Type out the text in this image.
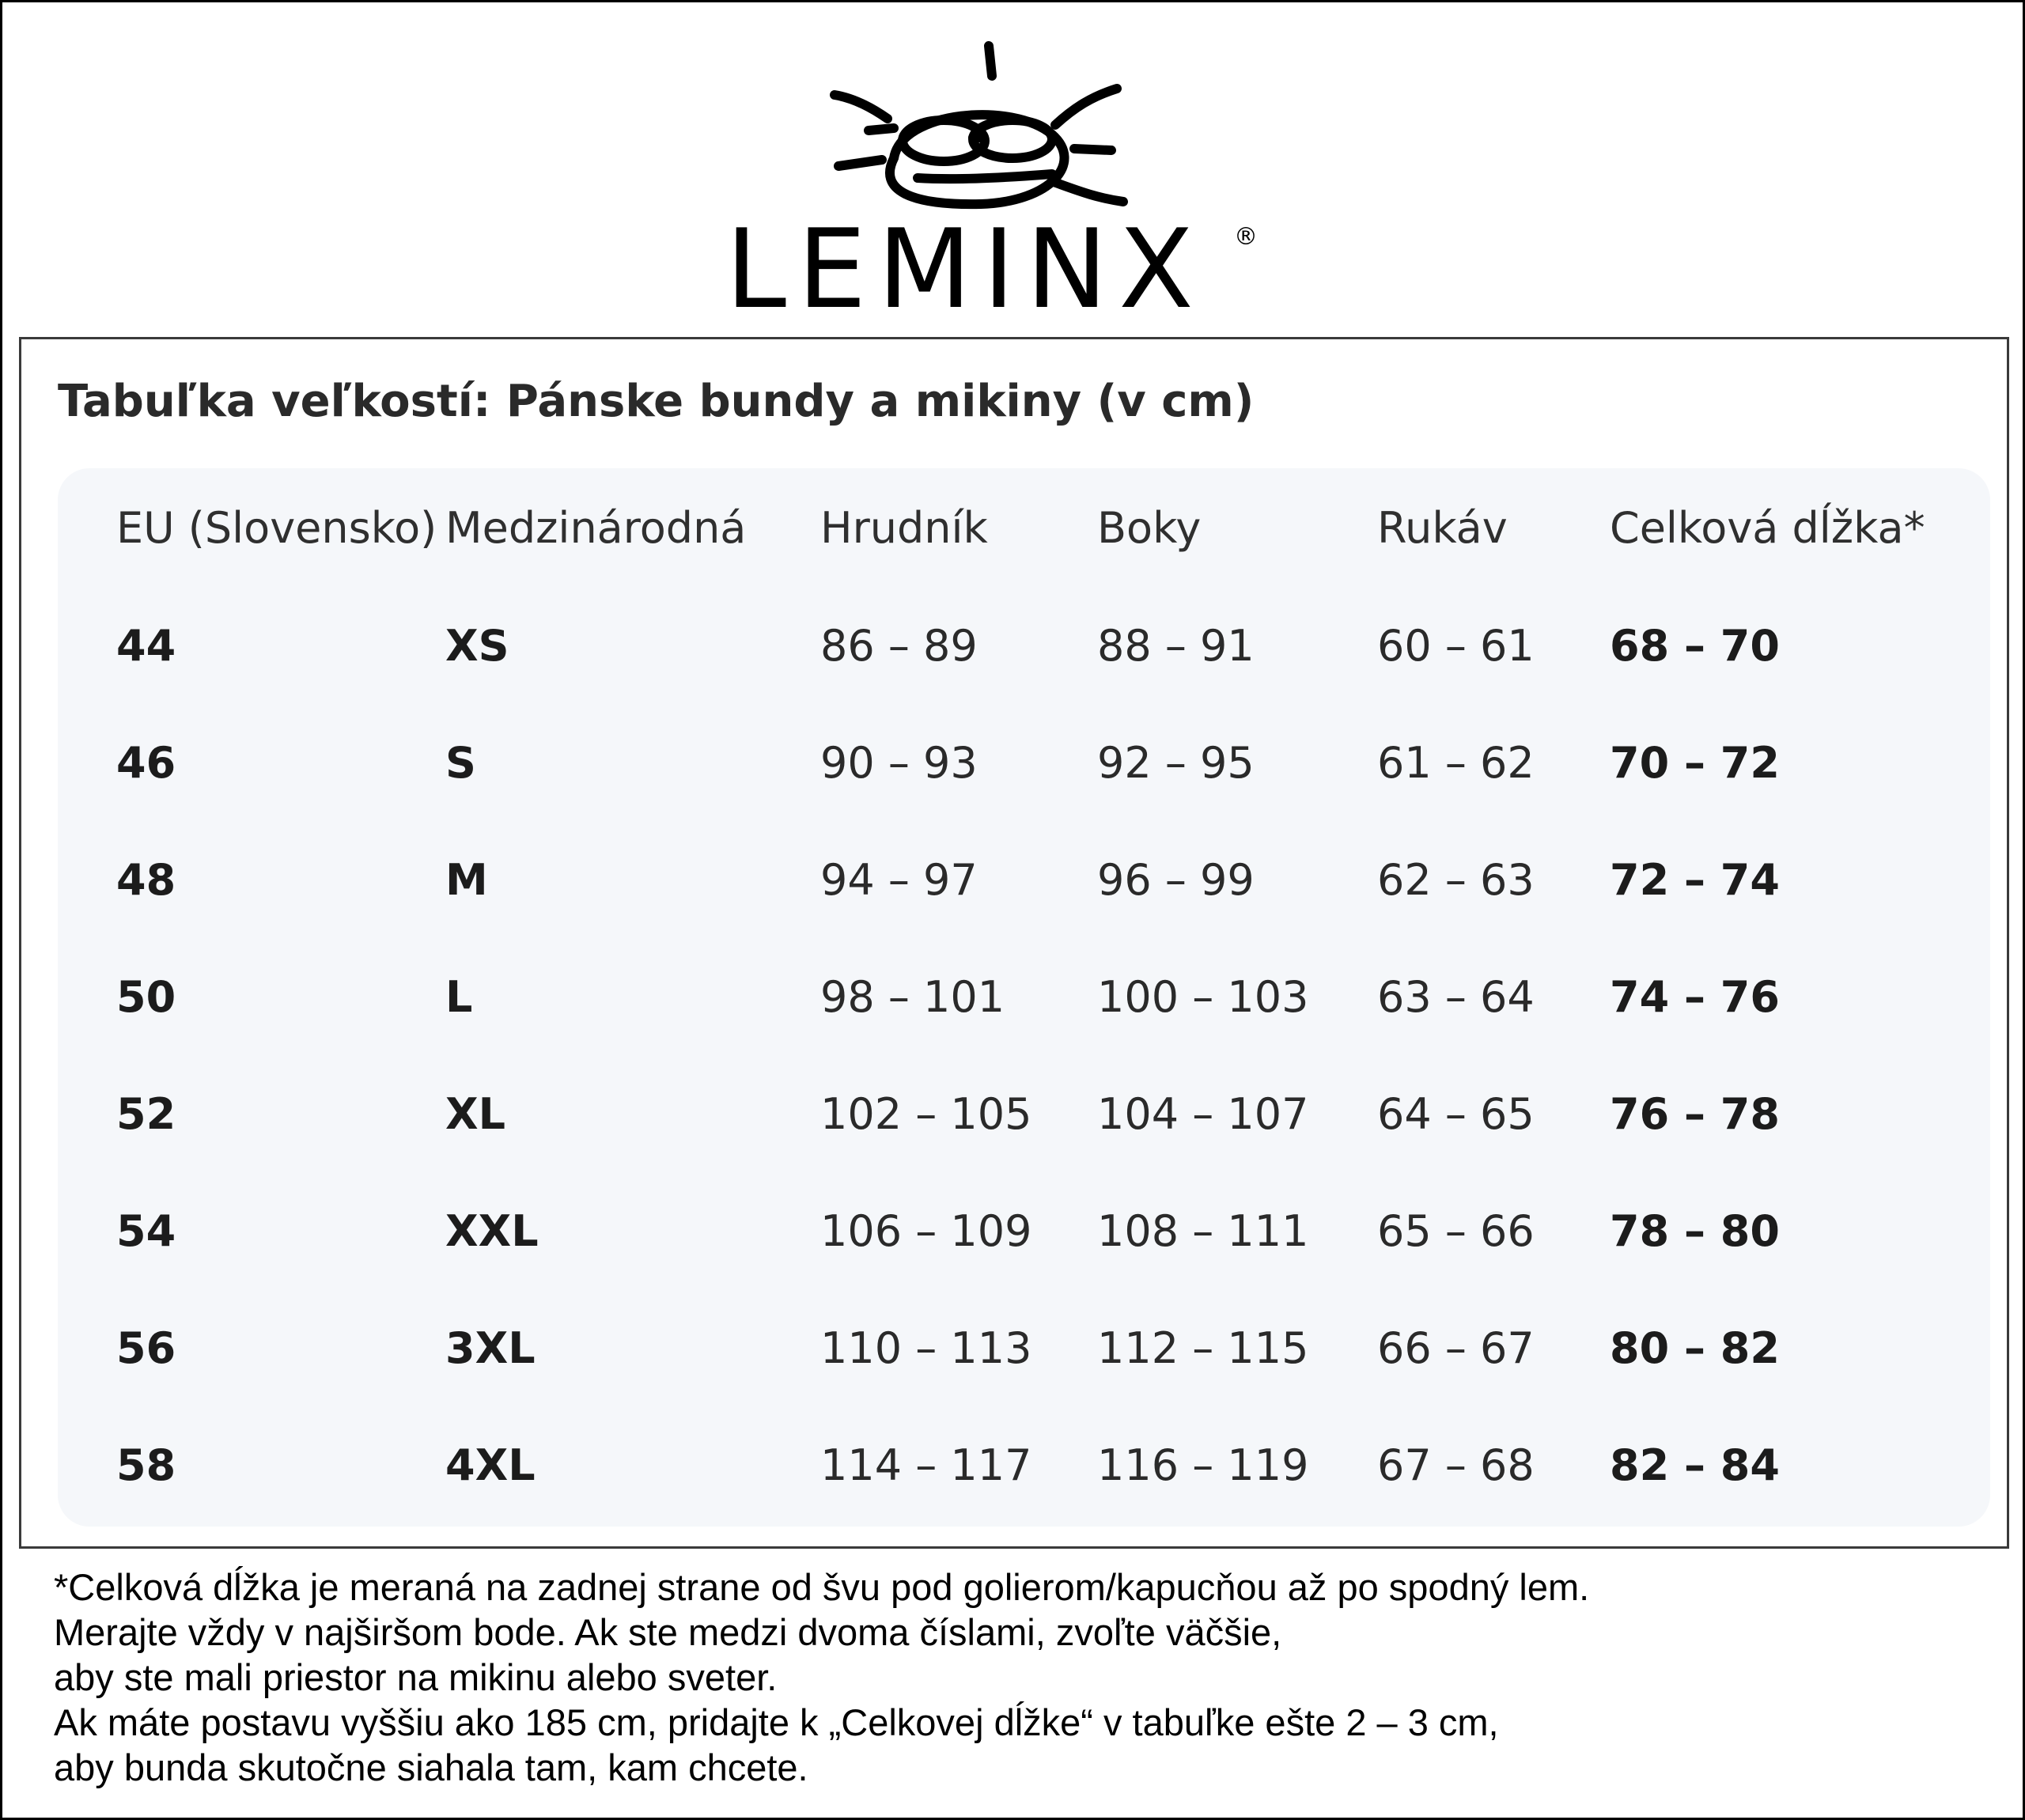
LEMINX	®
Tabuľka veľkostí: Pánske bundy a mikiny (v cm)
EU (Slovensko)	Medzinárodná	Hrudník	Boky	Rukáv	Celková dĺžka*
44	XS	86 – 89	88 – 91	60 – 61	68 – 70
46	S	90 – 93	92 – 95	61 – 62	70 – 72
48	M	94 – 97	96 – 99	62 – 63	72 – 74
50	L	98 – 101	100 – 103	63 – 64	74 – 76
52	XL	102 – 105	104 – 107	64 – 65	76 – 78
54	XXL	106 – 109	108 – 111	65 – 66	78 – 80
56	3XL	110 – 113	112 – 115	66 – 67	80 – 82
58	4XL	114 – 117	116 – 119	67 – 68	82 – 84

*Celková dĺžka je meraná na zadnej strane od švu pod golierom/kapucňou až po spodný lem.

Merajte vždy v najširšom bode. Ak ste medzi dvoma číslami, zvoľte väčšie,

aby ste mali priestor na mikinu alebo sveter.

Ak máte postavu vyššiu ako 185 cm, pridajte k „Celkovej dĺžke“ v tabuľke ešte 2 – 3 cm,

aby bunda skutočne siahala tam, kam chcete.
